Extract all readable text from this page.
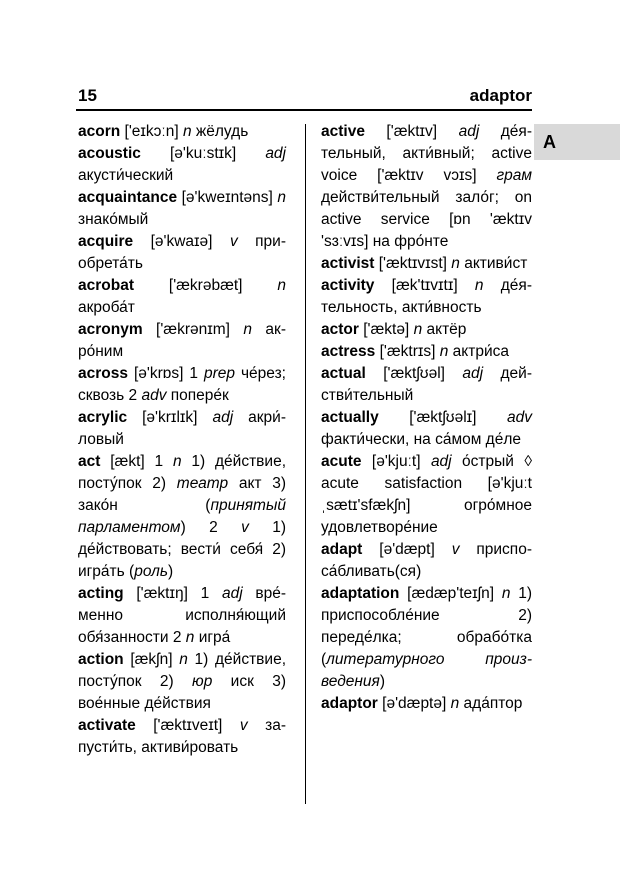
15	adaptor
A
acorn ['eɪkɔːn] n жёлудь
acoustic [ə'kuːstɪk] adj акусти́ческий
acquaintance [ə'kweɪntəns] n знако́мый
acquire [ə'kwaɪə] v приобрета́ть
acrobat ['ækrəbæt] n акроба́т
acronym ['ækrənɪm] n акро́ним
across [ə'krɒs] 1 prep че́рез; сквозь 2 adv попере́к
acrylic [ə'krɪlɪk] adj акри́ловый
act [ækt] 1 n 1) де́йствие, посту́пок 2) театр акт 3) зако́н (принятый парламентом) 2 v 1) де́йствовать; вести́ себя́ 2) игра́ть (роль)
acting ['æktɪŋ] 1 adj вре́менно исполня́ющий обя́занности 2 n игра́
action [ækʃn] n 1) де́йствие, посту́пок 2) юр иск 3) вое́нные де́йствия
activate ['æktɪveɪt] v запусти́ть, активи́ровать
active ['æktɪv] adj де́ятельный, акти́вный; active voice ['æktɪv vɔɪs] грам действи́тельный зало́г; on active service [ɒn 'æktɪv 'sɜːvɪs] на фро́нте
activist ['æktɪvɪst] n активи́ст
activity [æk'tɪvɪtɪ] n де́ятельность, акти́вность
actor ['æktə] n актёр
actress ['æktrɪs] n актри́са
actual ['æktʃʊəl] adj действи́тельный
actually ['æktʃʊəlɪ] adv факти́чески, на са́мом де́ле
acute [ə'kjuːt] adj о́стрый ◊ acute satisfaction [ə'kjuːt ˌsætɪ'sfækʃn] огро́мное удовлетворе́ние
adapt [ə'dæpt] v приспоса́бливать(ся)
adaptation [ædæp'teɪʃn] n 1) приспособле́ние 2) переде́лка; обрабо́тка (литературного произведения)
adaptor [ə'dæptə] n ада́птор
